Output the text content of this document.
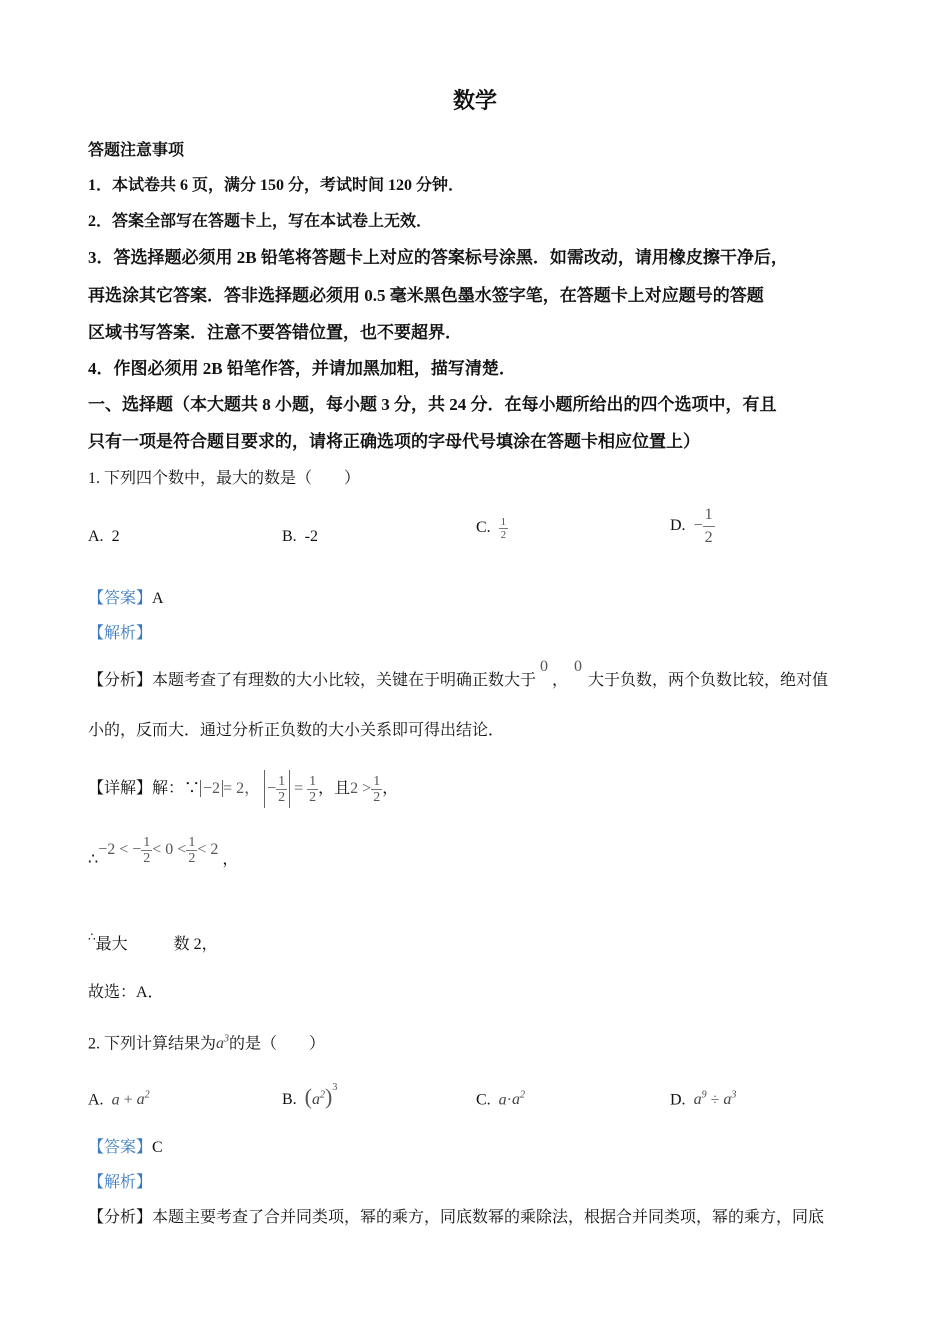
数学
答题注意事项
1．本试卷共 6 页，满分 150 分，考试时间 120 分钟．
2．答案全部写在答题卡上，写在本试卷上无效．
3．答选择题必须用 2B 铅笔将答题卡上对应的答案标号涂黑．如需改动，请用橡皮擦干净后，
再选涂其它答案．答非选择题必须用 0.5 毫米黑色墨水签字笔，在答题卡上对应题号的答题
区域书写答案．注意不要答错位置，也不要超界．
4．作图必须用 2B 铅笔作答，并请加黑加粗，描写清楚．
一、选择题（本大题共 8 小题，每小题 3 分，共 24 分．在每小题所给出的四个选项中，有且
只有一项是符合题目要求的，请将正确选项的字母代号填涂在答题卡相应位置上）
1. 下列四个数中，最大的数是（　　）
A. 2	B. -2
C. $\frac{1}{2}$	D. − $\frac{1}{2}$
【答案】A
【解析】
【分析】本题考查了有理数的大小比较，关键在于明确正数大于0，0大于负数，两个负数比较，绝对值
小的，反而大．通过分析正负数的大小关系即可得出结论．
【详解】解：∵ −2 = 2， − $\frac{1}{2} = \frac{1}{2}$ ，且$2 > \frac{1}{2}$ ，
∴−2 < − $\frac{1}{2} < 0 < \frac{1}{2} < 2$ ，
∴最大	数 2，
故选：A．
2. 下列计算结果为$a^3$的是（　　）
A. $a + a^2$	B. $(a^2)^3$
C. $a\cdot a^2$	D. $a^9 \div a^3$
【答案】C
【解析】
【分析】本题主要考查了合并同类项，幂的乘方，同底数幂的乘除法，根据合并同类项，幂的乘方，同底
